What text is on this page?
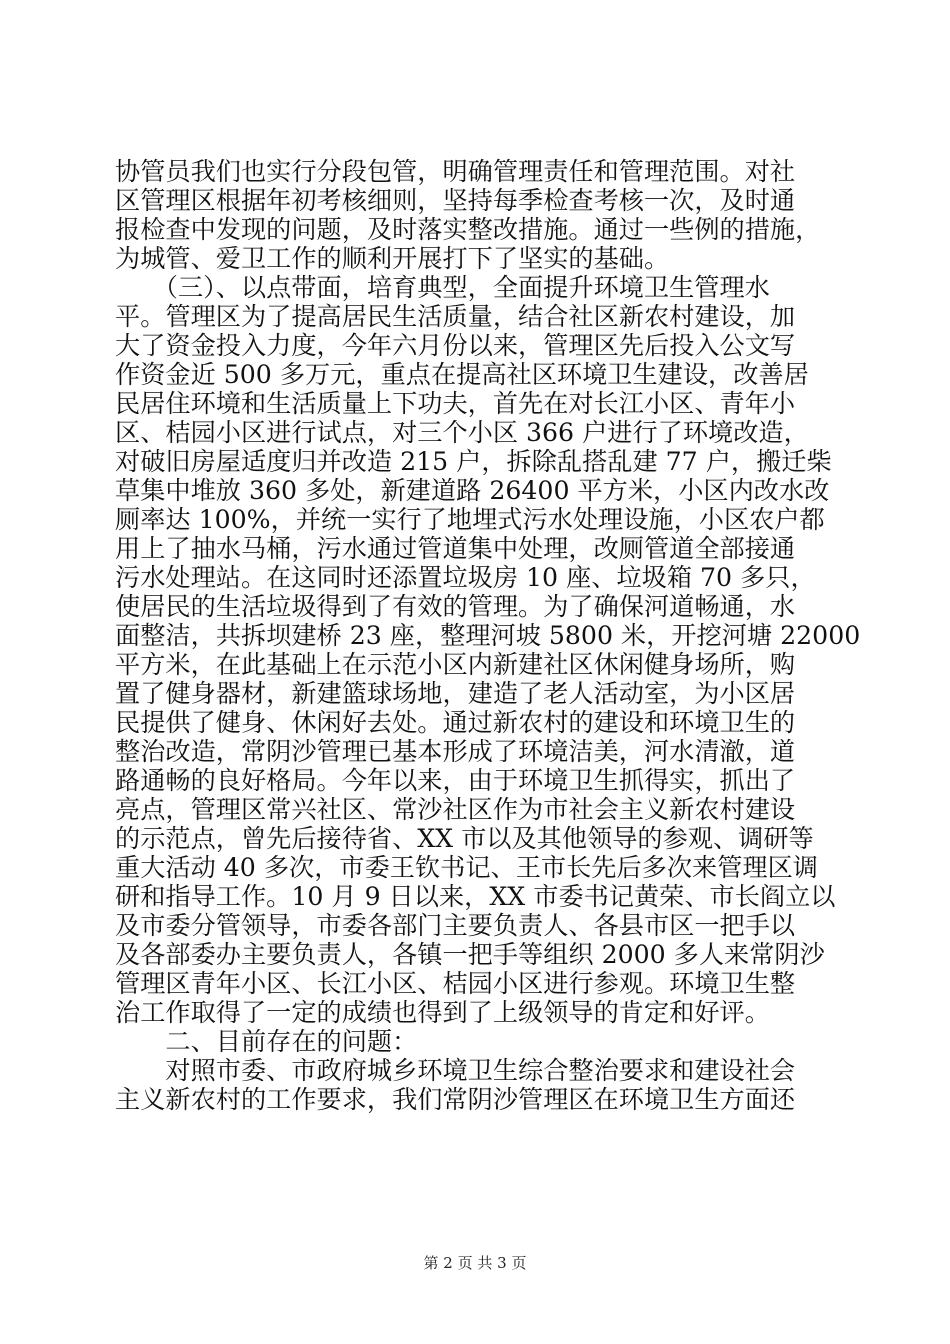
协管员我们也实行分段包管，明确管理责任和管理范围。对社
区管理区根据年初考核细则，坚持每季检查考核一次，及时通
报检查中发现的问题，及时落实整改措施。通过一些例的措施，
为城管、爱卫工作的顺利开展打下了坚实的基础。
　　（三）、以点带面，培育典型，全面提升环境卫生管理水
平。管理区为了提高居民生活质量，结合社区新农村建设，加
大了资金投入力度，今年六月份以来，管理区先后投入公文写
作资金近 500 多万元，重点在提高社区环境卫生建设，改善居
民居住环境和生活质量上下功夫，首先在对长江小区、青年小
区、桔园小区进行试点，对三个小区 366 户进行了环境改造，
对破旧房屋适度归并改造 215 户，拆除乱搭乱建 77 户，搬迁柴
草集中堆放 360 多处，新建道路 26400 平方米，小区内改水改
厕率达 100%，并统一实行了地埋式污水处理设施，小区农户都
用上了抽水马桶，污水通过管道集中处理，改厕管道全部接通
污水处理站。在这同时还添置垃圾房 10 座、垃圾箱 70 多只，
使居民的生活垃圾得到了有效的管理。为了确保河道畅通，水
面整洁，共拆坝建桥 23 座，整理河坡 5800 米，开挖河塘 22000
平方米，在此基础上在示范小区内新建社区休闲健身场所，购
置了健身器材，新建篮球场地，建造了老人活动室，为小区居
民提供了健身、休闲好去处。通过新农村的建设和环境卫生的
整治改造，常阴沙管理已基本形成了环境洁美，河水清澈，道
路通畅的良好格局。今年以来，由于环境卫生抓得实，抓出了
亮点，管理区常兴社区、常沙社区作为市社会主义新农村建设
的示范点，曾先后接待省、XX 市以及其他领导的参观、调研等
重大活动 40 多次，市委王钦书记、王市长先后多次来管理区调
研和指导工作。10 月 9 日以来，XX 市委书记黄荣、市长阎立以
及市委分管领导，市委各部门主要负责人、各县市区一把手以
及各部委办主要负责人，各镇一把手等组织 2000 多人来常阴沙
管理区青年小区、长江小区、桔园小区进行参观。环境卫生整
治工作取得了一定的成绩也得到了上级领导的肯定和好评。
　　二、目前存在的问题：
　　对照市委、市政府城乡环境卫生综合整治要求和建设社会
主义新农村的工作要求，我们常阴沙管理区在环境卫生方面还
第 2 页 共 3 页
